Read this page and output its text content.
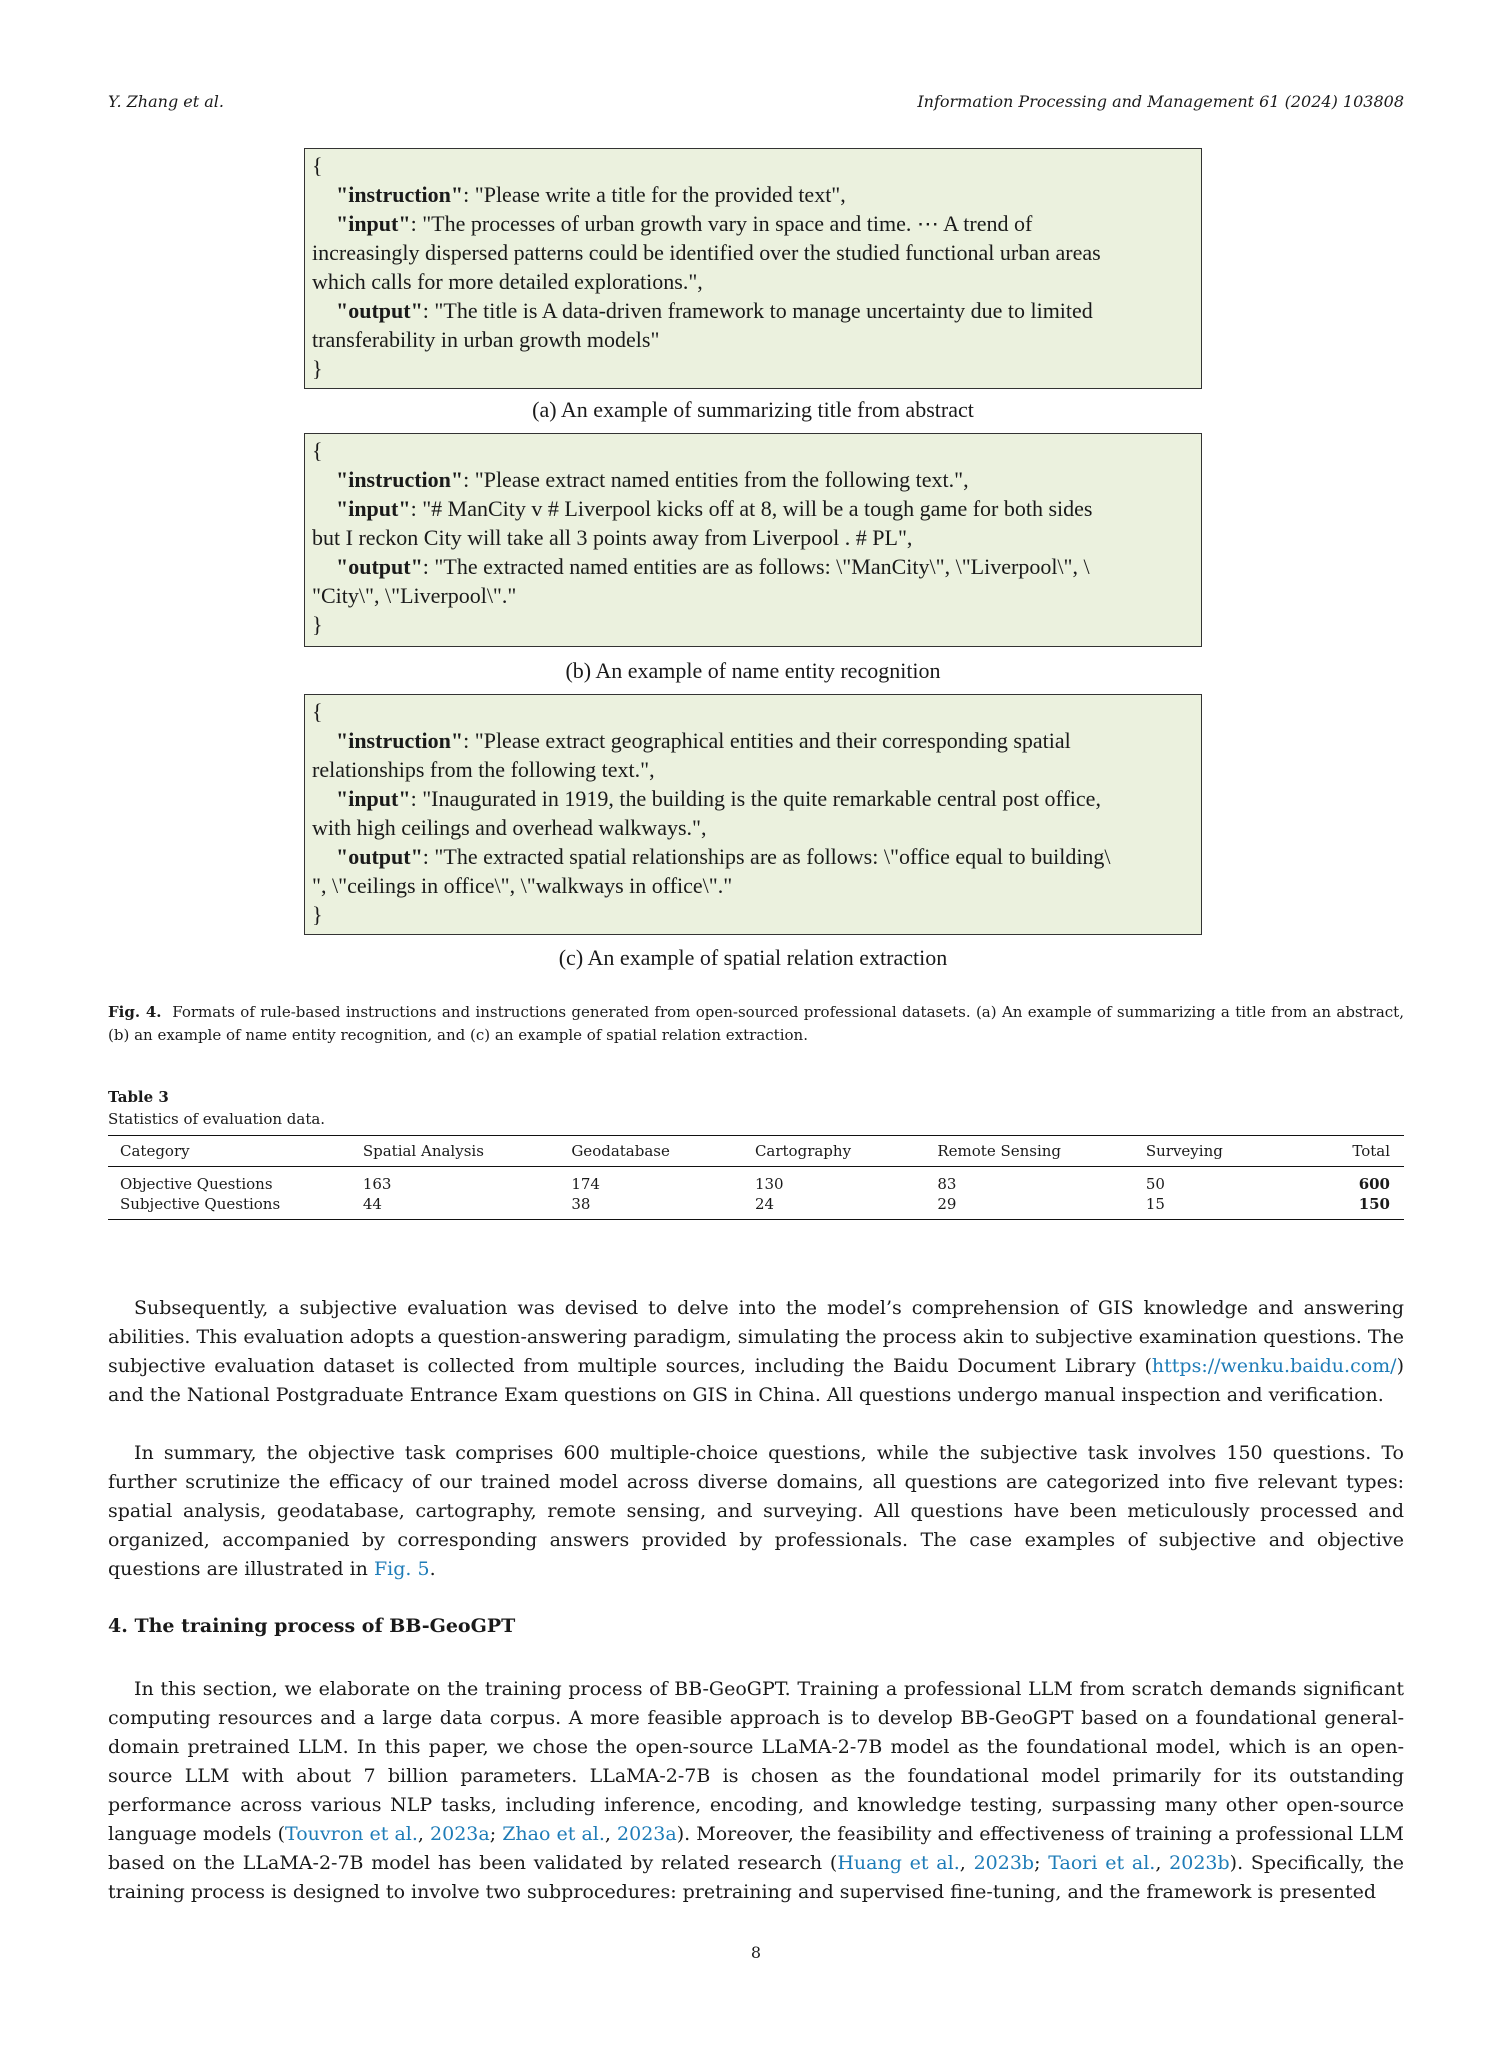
Y. Zhang et al.	Information Processing and Management 61 (2024) 103808
{
"instruction": "Please write a title for the provided text",
"input": "The processes of urban growth vary in space and time. ⋯ A trend of
increasingly dispersed patterns could be identified over the studied functional urban areas
which calls for more detailed explorations.",
"output": "The title is A data-driven framework to manage uncertainty due to limited
transferability in urban growth models"
}
(a) An example of summarizing title from abstract
{
"instruction": "Please extract named entities from the following text.",
"input": "# ManCity v # Liverpool kicks off at 8, will be a tough game for both sides
but I reckon City will take all 3 points away from Liverpool . # PL",
"output": "The extracted named entities are as follows: \"ManCity\", \"Liverpool\", \
"City\", \"Liverpool\"."
}
(b) An example of name entity recognition
{
"instruction": "Please extract geographical entities and their corresponding spatial
relationships from the following text.",
"input": "Inaugurated in 1919, the building is the quite remarkable central post office,
with high ceilings and overhead walkways.",
"output": "The extracted spatial relationships are as follows: \"office equal to building\
", \"ceilings in office\", \"walkways in office\"."
}
(c) An example of spatial relation extraction
Fig. 4. Formats of rule-based instructions and instructions generated from open-sourced professional datasets. (a) An example of summarizing a title from an abstract, (b) an example of name entity recognition, and (c) an example of spatial relation extraction.
Table 3
Statistics of evaluation data.
Category	Spatial Analysis	Geodatabase	Cartography	Remote Sensing	Surveying	Total
Objective Questions	163	174	130	83	50	600
Subjective Questions	44	38	24	29	15	150

Subsequently, a subjective evaluation was devised to delve into the model’s comprehension of GIS knowledge and answering abilities. This evaluation adopts a question-answering paradigm, simulating the process akin to subjective examination questions. The subjective evaluation dataset is collected from multiple sources, including the Baidu Document Library (https://wenku.baidu.com/) and the National Postgraduate Entrance Exam questions on GIS in China. All questions undergo manual inspection and verification.

In summary, the objective task comprises 600 multiple-choice questions, while the subjective task involves 150 questions. To further scrutinize the efficacy of our trained model across diverse domains, all questions are categorized into five relevant types: spatial analysis, geodatabase, cartography, remote sensing, and surveying. All questions have been meticulously processed and organized, accompanied by corresponding answers provided by professionals. The case examples of subjective and objective questions are illustrated in Fig. 5.

4. The training process of BB-GeoGPT

In this section, we elaborate on the training process of BB-GeoGPT. Training a professional LLM from scratch demands significant computing resources and a large data corpus. A more feasible approach is to develop BB-GeoGPT based on a foundational general-domain pretrained LLM. In this paper, we chose the open-source LLaMA-2-7B model as the foundational model, which is an open-source LLM with about 7 billion parameters. LLaMA-2-7B is chosen as the foundational model primarily for its outstanding performance across various NLP tasks, including inference, encoding, and knowledge testing, surpassing many other open-source language models (Touvron et al., 2023a; Zhao et al., 2023a). Moreover, the feasibility and effectiveness of training a professional LLM based on the LLaMA-2-7B model has been validated by related research (Huang et al., 2023b; Taori et al., 2023b). Specifically, the training process is designed to involve two subprocedures: pretraining and supervised fine-tuning, and the framework is presented

8
